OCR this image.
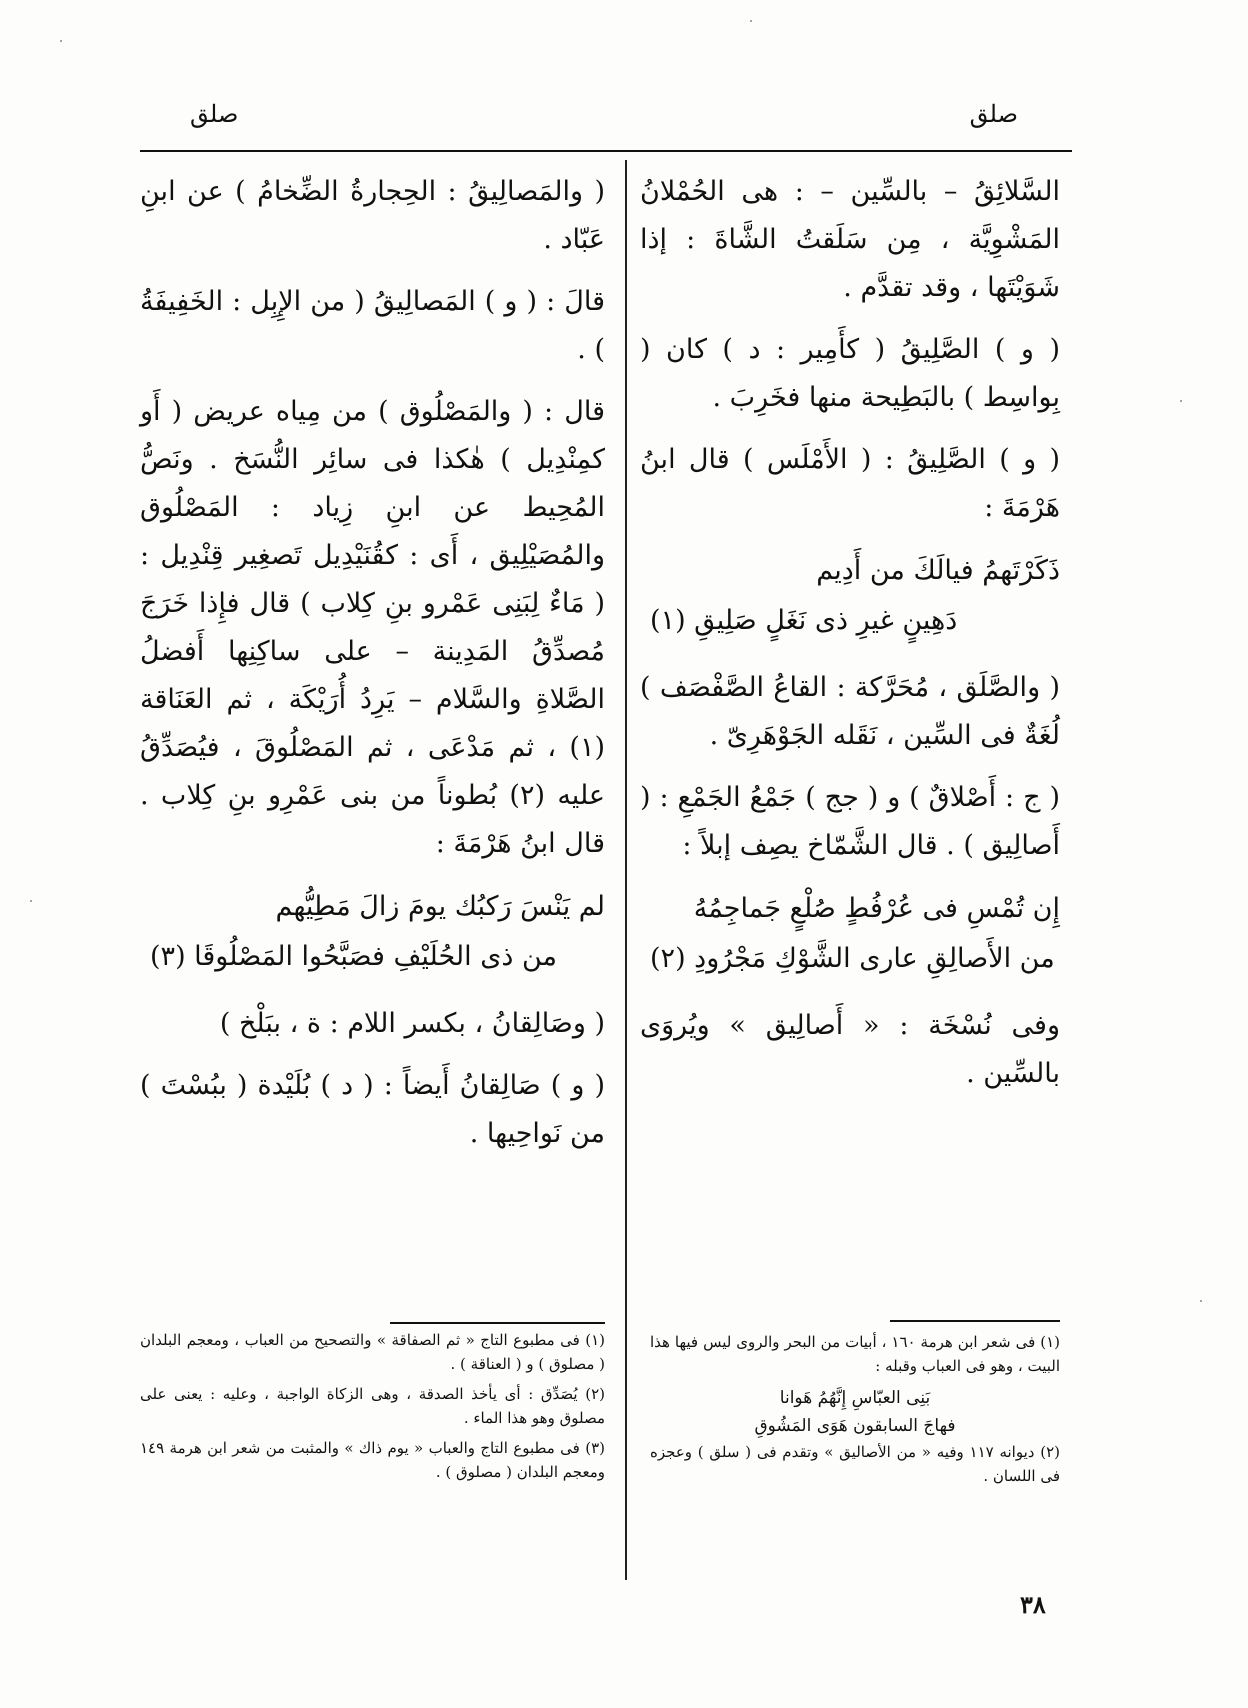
صلق
صلق

السَّلائِقُ – بالسِّين – : هى الحُمْلانُ المَشْوِيَّة ، مِن سَلَقتُ الشَّاةَ : إذا شَوَيْتَها ، وقد تقدَّم .

( و ) الصَّلِيقُ ( كأَمِير : د ) كان ( بِواسِط ) بالبَطِيحة منها فخَرِبَ .

( و ) الصَّلِيقُ : ( الأَمْلَس ) قال ابنُ هَرْمَةَ :

ذَكَرْتَهمُ فيالَكَ من أَدِيم
دَهِينٍ غيرِ ذى نَغَلٍ صَلِيقِ (١)

( والصَّلَق ، مُحَرَّكة : القاعُ الصَّفْصَف ) لُغَةٌ فى السِّين ، نَقَله الجَوْهَرِىّ .

( ج : أَصْلاقٌ ) و ( جج ) جَمْعُ الجَمْعِ : ( أَصالِيق ) . قال الشَّمّاخ يصِف إبلاً :

إِن تُمْسِ فى عُرْفُطٍ صُلْعٍ جَماجِمُهُ
من الأَصالِقِ عارى الشَّوْكِ مَجْرُودِ (٢)

وفى نُسْخَة : « أَصالِيق » ويُروَى بالسِّين .

( والمَصالِيقُ : الحِجارةُ الضِّخامُ ) عن ابنِ عَبّاد .

قالَ : ( و ) المَصالِيقُ ( من الإِبِل : الخَفِيفَةُ ) .

قال : ( والمَصْلُوق ) من مِياه عريض ( أَو كمِنْدِيل ) هٰكذا فى سائِر النُّسَخ . ونَصُّ المُحِيط عن ابنِ زِياد : المَصْلُوق والمُصَيْلِيق ، أَى : كقُنَيْدِيل تَصغِير قِنْدِيل : ( مَاءٌ لِبَنِى عَمْرو بنِ كِلاب ) قال فإِذا خَرَجَ مُصدِّقُ المَدِينة – على ساكِنِها أَفضلُ الصَّلاةِ والسَّلام – يَرِدُ أُرَيْكَة ، ثم العَنَاقة (١) ، ثم مَدْعَى ، ثم المَصْلُوقَ ، فيُصَدِّقُ عليه (٢) بُطوناً من بنى عَمْرِو بنِ كِلاب . قال ابنُ هَرْمَةَ :

لم يَنْسَ رَكبُك يومَ زالَ مَطِيُّهم
من ذى الحُلَيْفِ فصَبَّحُوا المَصْلُوقَا (٣)

( وصَالِقانُ ، بكسر اللام : ة ، ببَلْخ )

( و ) صَالِقانُ أَيضاً : ( د ) بُلَيْدة ( ببُسْتَ ) من نَواحِيها .

(١) فى شعر ابن هرمة ١٦٠ ، أبيات من البحر والروى ليس فيها هذا البيت ، وهو فى العباب وقبله :

بَنِى العبّاسِ إِنَّهُمُ هَوانا

فهاجَ السابقون هَوَى المَشُوقِ

(٢) ديوانه ١١٧ وفيه « من الأصاليق » وتقدم فى ( سلق ) وعجزه فى اللسان .

(١) فى مطبوع التاج « ثم الصفاقة » والتصحيح من العباب ، ومعجم البلدان ( مصلوق ) و ( العناقة ) .

(٢) يُصَدِّق : أى يأخذ الصدقة ، وهى الزكاة الواجبة ، وعليه : يعنى على مصلوق وهو هذا الماء .

(٣) فى مطبوع التاج والعباب « يوم ذاك » والمثبت من شعر ابن هرمة ١٤٩ ومعجم البلدان ( مصلوق ) .

٣٨
